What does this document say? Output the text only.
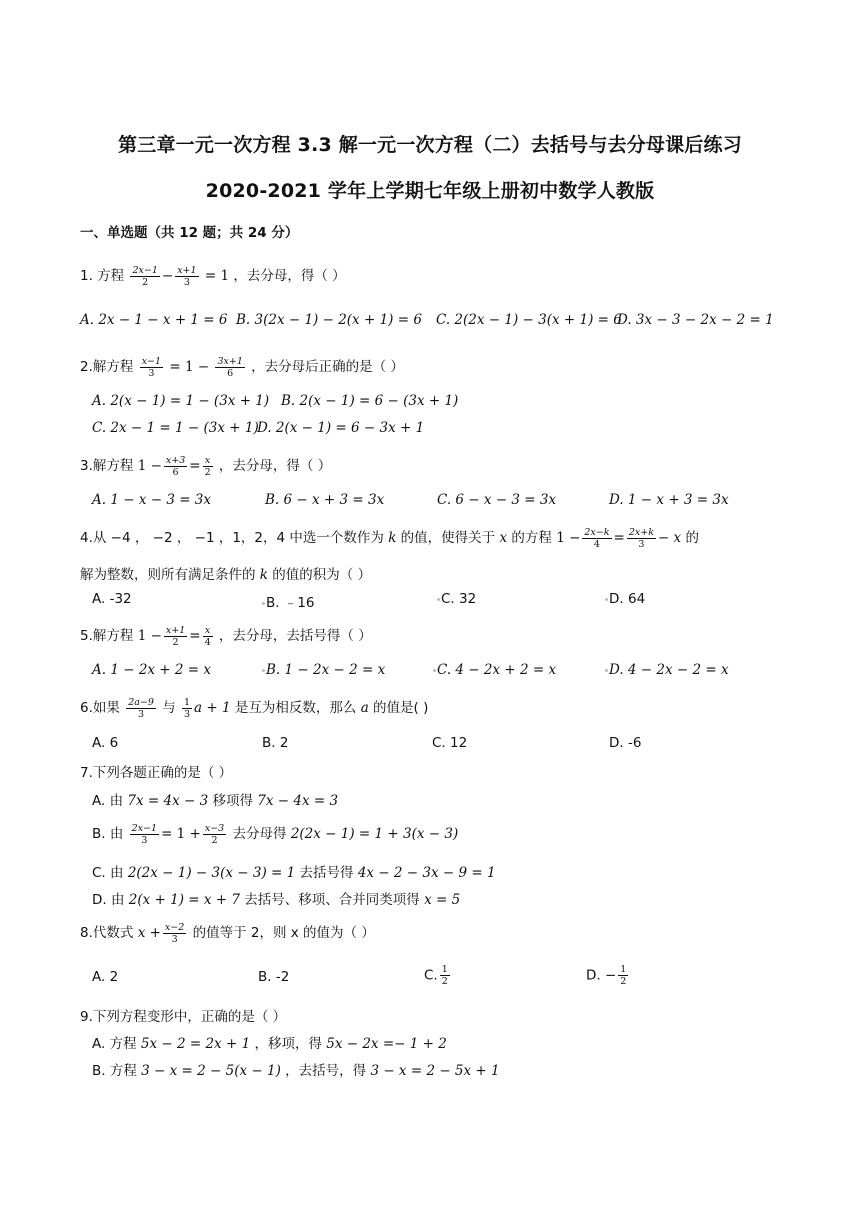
第三章一元一次方程 3.3 解一元一次方程（二）去括号与去分母课后练习
2020-2021 学年上学期七年级上册初中数学人教版
一、单选题（共 12 题；共 24 分）
1. 方程 $\frac{2x-1}{2} - \frac{x+1}{3} = 1$ ，去分母，得（ ）
A. 2x − 1 − x + 1 = 6 B. 3(2x − 1) − 2(x + 1) = 6 C. 2(2x − 1) − 3(x + 1) = 6
D. 3x − 3 − 2x − 2 = 1
2.解方程 $\frac{x-1}{3} = 1 - \frac{3x+1}{6}$ ，去分母后正确的是（ ）
A. 2(x − 1) = 1 − (3x + 1) B. 2(x − 1) = 6 − (3x + 1)
C. 2x − 1 = 1 − (3x + 1)
D. 2(x − 1) = 6 − 3x + 1
3.解方程 $1 - \frac{x+3}{6} = \frac{x}{2}$ ，去分母，得（ ）
A. 1 − x − 3 = 3x	B. 6 − x + 3 = 3x	C. 6 − x − 3 = 3x	D. 1 − x + 3 = 3x
4.从 −4 ， −2 ， −1 ，1，2，4 中选一个数作为 k 的值，使得关于 x 的方程 $1 - \frac{2x-k}{4} = \frac{2x+k}{3} - x$ 的
解为整数，则所有满足条件的 k 的值的积为（ ）
A. -32	B. ﹣16	C. 32	D. 64
5.解方程 $1 - \frac{x+1}{2} = \frac{x}{4}$ ，去分母，去括号得（ ）
A. 1 − 2x + 2 = x	B. 1 − 2x − 2 = x	C. 4 − 2x + 2 = x	D. 4 − 2x − 2 = x
6.如果 $\frac{2a-9}{3}$ 与 $\frac{1}{3}$ a + 1 是互为相反数，那么 a 的值是( )
A. 6	B. 2	C. 12	D. -6
7.下列各题正确的是（ ）
A. 由 7x = 4x − 3 移项得 7x − 4x = 3
B. 由 $\frac{2x-1}{3} = 1 + \frac{x-3}{2}$ 去分母得 2(2x − 1) = 1 + 3(x − 3)
C. 由 2(2x − 1) − 3(x − 3) = 1 去括号得 4x − 2 − 3x − 9 = 1
D. 由 2(x + 1) = x + 7 去括号、移项、合并同类项得 x = 5
8.代数式 $x + \frac{x-2}{3}$ 的值等于 2，则 x 的值为（ ）
A. 2	B. -2	C. $\frac{1}{2}$	D. − $\frac{1}{2}$
9.下列方程变形中，正确的是（ ）
A. 方程 5x − 2 = 2x + 1 ，移项，得 5x − 2x =− 1 + 2
B. 方程 3 − x = 2 − 5(x − 1) ，去括号，得 3 − x = 2 − 5x + 1
